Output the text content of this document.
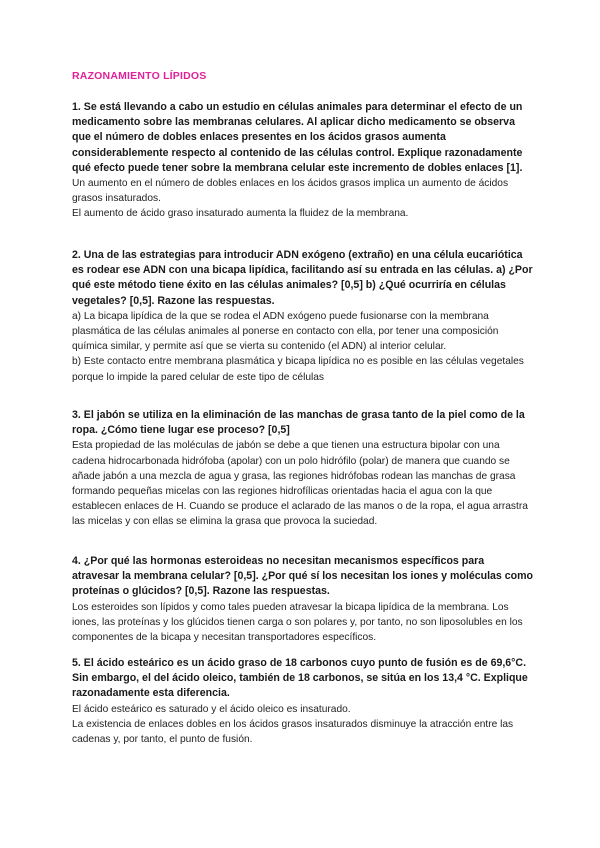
RAZONAMIENTO LÍPIDOS

1. Se está llevando a cabo un estudio en células animales para determinar el efecto de un medicamento sobre las membranas celulares. Al aplicar dicho medicamento se observa que el número de dobles enlaces presentes en los ácidos grasos aumenta considerablemente respecto al contenido de las células control. Explique razonadamente qué efecto puede tener sobre la membrana celular este incremento de dobles enlaces [1].

Un aumento en el número de dobles enlaces en los ácidos grasos implica un aumento de ácidos grasos insaturados.

El aumento de ácido graso insaturado aumenta la fluidez de la membrana.

2. Una de las estrategias para introducir ADN exógeno (extraño) en una célula eucariótica es rodear ese ADN con una bicapa lipídica, facilitando así su entrada en las células. a) ¿Por qué este método tiene éxito en las células animales? [0,5] b) ¿Qué ocurriría en células vegetales? [0,5]. Razone las respuestas.

a) La bicapa lipídica de la que se rodea el ADN exógeno puede fusionarse con la membrana plasmática de las células animales al ponerse en contacto con ella, por tener una composición química similar, y permite así que se vierta su contenido (el ADN) al interior celular.

b) Este contacto entre membrana plasmática y bicapa lipídica no es posible en las células vegetales porque lo impide la pared celular de este tipo de células

3. El jabón se utiliza en la eliminación de las manchas de grasa tanto de la piel como de la ropa. ¿Cómo tiene lugar ese proceso? [0,5]

Esta propiedad de las moléculas de jabón se debe a que tienen una estructura bipolar con una cadena hidrocarbonada hidrófoba (apolar) con un polo hidrófilo (polar) de manera que cuando se añade jabón a una mezcla de agua y grasa, las regiones hidrófobas rodean las manchas de grasa formando pequeñas micelas con las regiones hidrofílicas orientadas hacia el agua con la que establecen enlaces de H. Cuando se produce el aclarado de las manos o de la ropa, el agua arrastra las micelas y con ellas se elimina la grasa que provoca la suciedad.

4. ¿Por qué las hormonas esteroideas no necesitan mecanismos específicos para atravesar la membrana celular? [0,5]. ¿Por qué sí los necesitan los iones y moléculas como proteínas o glúcidos? [0,5]. Razone las respuestas.

Los esteroides son lípidos y como tales pueden atravesar la bicapa lipídica de la membrana. Los iones, las proteínas y los glúcidos tienen carga o son polares y, por tanto, no son liposolubles en los componentes de la bicapa y necesitan transportadores específicos.

5. El ácido esteárico es un ácido graso de 18 carbonos cuyo punto de fusión es de 69,6°C. Sin embargo, el del ácido oleico, también de 18 carbonos, se sitúa en los 13,4 °C. Explique razonadamente esta diferencia.

El ácido esteárico es saturado y el ácido oleico es insaturado.

La existencia de enlaces dobles en los ácidos grasos insaturados disminuye la atracción entre las cadenas y, por tanto, el punto de fusión.
